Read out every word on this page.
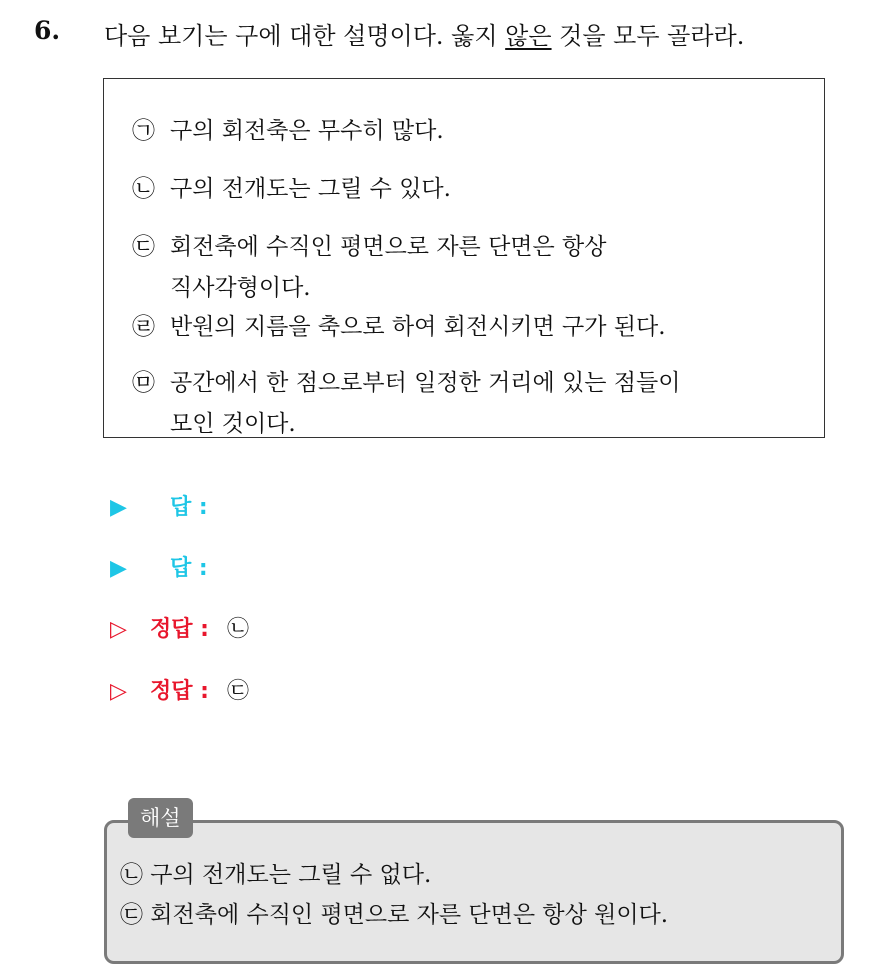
6. 다음 보기는 구에 대한 설명이다. 옳지 않은 것을 모두 골라라.
㉠ 구의 회전축은 무수히 많다.
㉡ 구의 전개도는 그릴 수 있다.
㉢ 회전축에 수직인 평면으로 자른 단면은 항상
직사각형이다.
㉣ 반원의 지름을 축으로 하여 회전시키면 구가 된다.
㉤ 공간에서 한 점으로부터 일정한 거리에 있는 점들이
모인 것이다.
▶ 답 :
▶ 답 :
▷ 정답 : ㉡
▷ 정답 : ㉢
해설
㉡ 구의 전개도는 그릴 수 없다.
㉢ 회전축에 수직인 평면으로 자른 단면은 항상 원이다.
